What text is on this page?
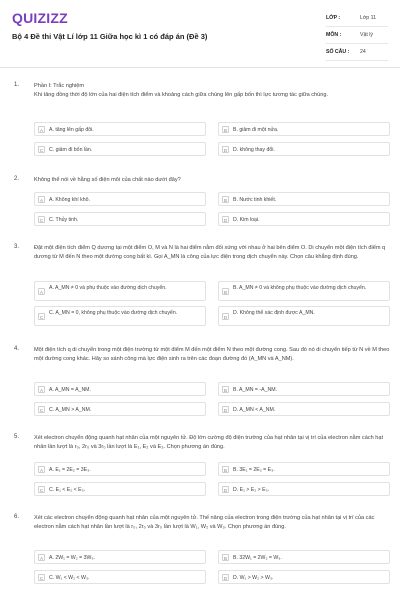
QUIZIZZ
Bộ 4 Đề thi Vật Lí lớp 11 Giữa học kì 1 có đáp án (Đề 3)
LỚP :	Lớp 11
MÔN :	Vật lý
SỐ CÂU : 24
1.	Phần I: Trắc nghiệm
Khi tăng đồng thời độ lớn của hai điện tích điểm và khoảng cách giữa chúng lên gấp bốn thì lực tương tác giữa chúng.
A	A. tăng lên gấp đôi.	B	B. giảm đi một nửa.
C	C. giảm đi bốn lần.	D	D. không thay đổi.
2.	Không thể nói về hằng số điện môi của chất nào dưới đây?
A	A. Không khí khô.	B	B. Nước tinh khiết.
C	C. Thủy tinh.	D	D. Kim loại.
3.	Đặt một điện tích điểm Q dương tại một điểm O, M và N là hai điểm nằm đối xứng với nhau ở hai bên điểm O. Di chuyển một điện tích điểm q dương từ M đến N theo một đường cong bất kì. Gọi A_MN là công của lực điện trong dịch chuyển này. Chọn câu khẳng định đúng.
A
A. A_MN ≠ 0 và phụ thuộc vào đường dịch chuyển.
B
B. A_MN ≠ 0 và không phụ thuộc vào đường dịch chuyển.
C
C. A_MN = 0, không phụ thuộc vào đường dịch chuyển.
D
D. Không thể xác định được A_MN.
4.	Một điện tích q di chuyển trong một điện trường từ một điểm M đến một điểm N theo một đường cong. Sau đó nó di chuyển tiếp từ N về M theo một đường cong khác. Hãy so sánh công mà lực điện sinh ra trên các đoạn đường đó (A_MN và A_NM).
A	A. A_MN = A_NM.	B	B. A_MN = -A_NM.
C	C. A_MN > A_NM.	D	D. A_MN < A_NM.
5.	Xét electron chuyển động quanh hạt nhân của một nguyên tử. Độ lớn cường độ điện trường của hạt nhân tại vị trí của electron nằm cách hạt nhân lần lượt là r₀, 2r₀ và 3r₀ lần lượt là E₁, E₂ và E₃. Chọn phương án đúng.
A	A. E₁ = 2E₂ = 3E₃.	B	B. 3E₁ = 2E₂ = E₃.
C	C. E₁ < E₂ < E₃.	D	D. E₁ > E₂ > E₃.
6.	Xét các electron chuyển động quanh hạt nhân của một nguyên tử. Thế năng của electron trong điện trường của hạt nhân tại vị trí của các electron nằm cách hạt nhân lần lượt là r₀, 2r₀ và 3r₀ lần lượt là W₁, W₂ và W₃. Chọn phương án đúng.
A	A. 2W₁ = W₂ = 3W₃.	B	B. 32W₁ = 2W₂ = W₃.
C	C. W₁ < W₂ < W₃.	D	D. W₁ > W₂ > W₃.
